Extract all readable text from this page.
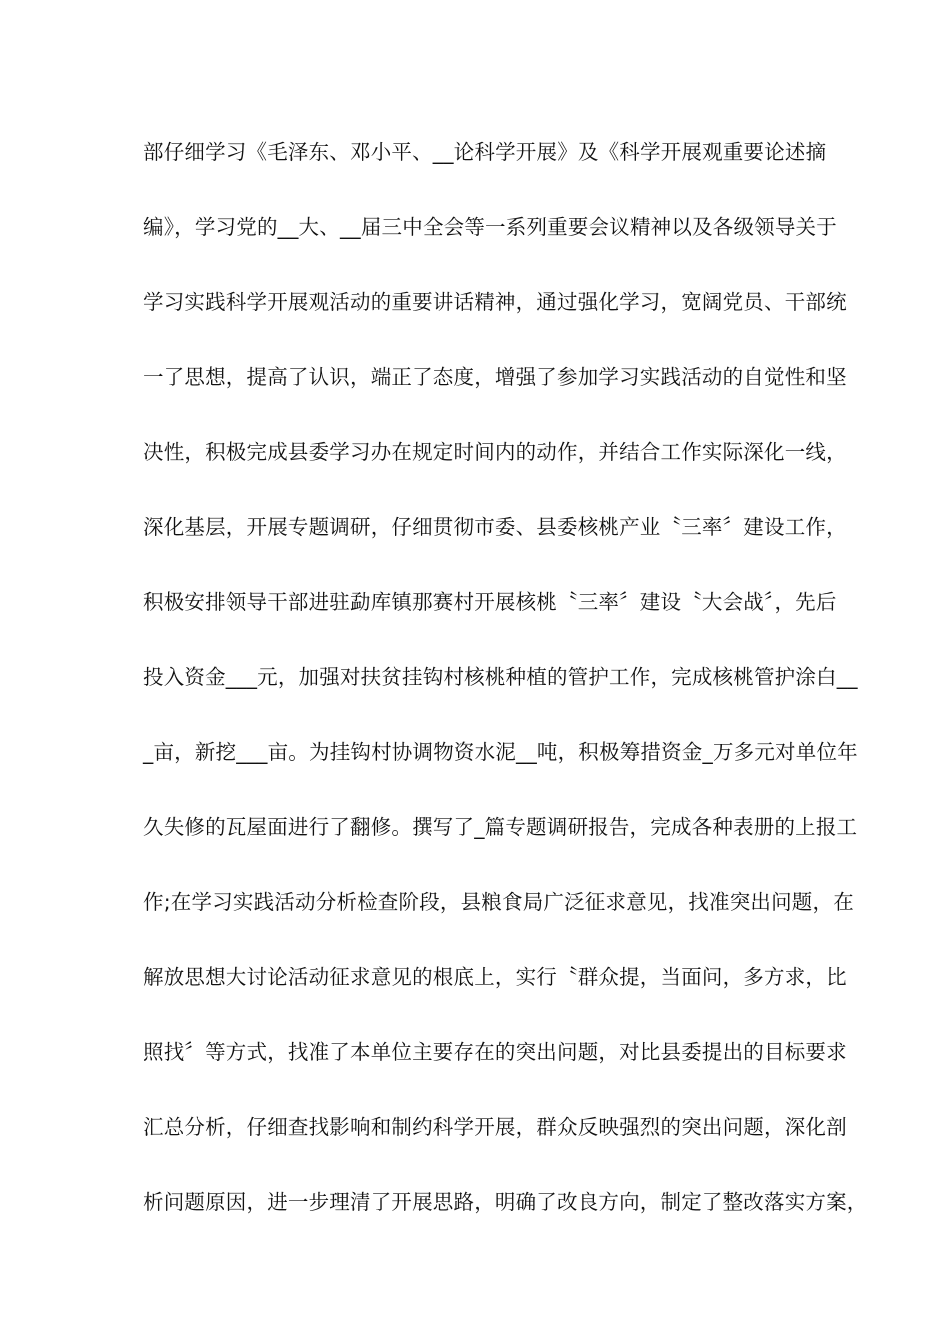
部仔细学习《毛泽东、邓小平、__论科学开展》及《科学开展观重要论述摘
编》，学习党的__大、__届三中全会等一系列重要会议精神以及各级领导关于
学习实践科学开展观活动的重要讲话精神，通过强化学习，宽阔党员、干部统
一了思想，提高了认识，端正了态度，增强了参加学习实践活动的自觉性和坚
决性，积极完成县委学习办在规定时间内的动作，并结合工作实际深化一线，
深化基层，开展专题调研，仔细贯彻市委、县委核桃产业〝三率〞建设工作，
积极安排领导干部进驻勐库镇那赛村开展核桃〝三率〞建设〝大会战〞，先后
投入资金___元，加强对扶贫挂钩村核桃种植的管护工作，完成核桃管护涂白__
_亩，新挖___亩。为挂钩村协调物资水泥__吨，积极筹措资金_万多元对单位年
久失修的瓦屋面进行了翻修。撰写了_篇专题调研报告，完成各种表册的上报工
作;在学习实践活动分析检查阶段，县粮食局广泛征求意见，找准突出问题，在
解放思想大讨论活动征求意见的根底上，实行〝群众提，当面问，多方求，比
照找〞等方式，找准了本单位主要存在的突出问题，对比县委提出的目标要求
汇总分析，仔细查找影响和制约科学开展，群众反映强烈的突出问题，深化剖
析问题原因，进一步理清了开展思路，明确了改良方向，制定了整改落实方案，
